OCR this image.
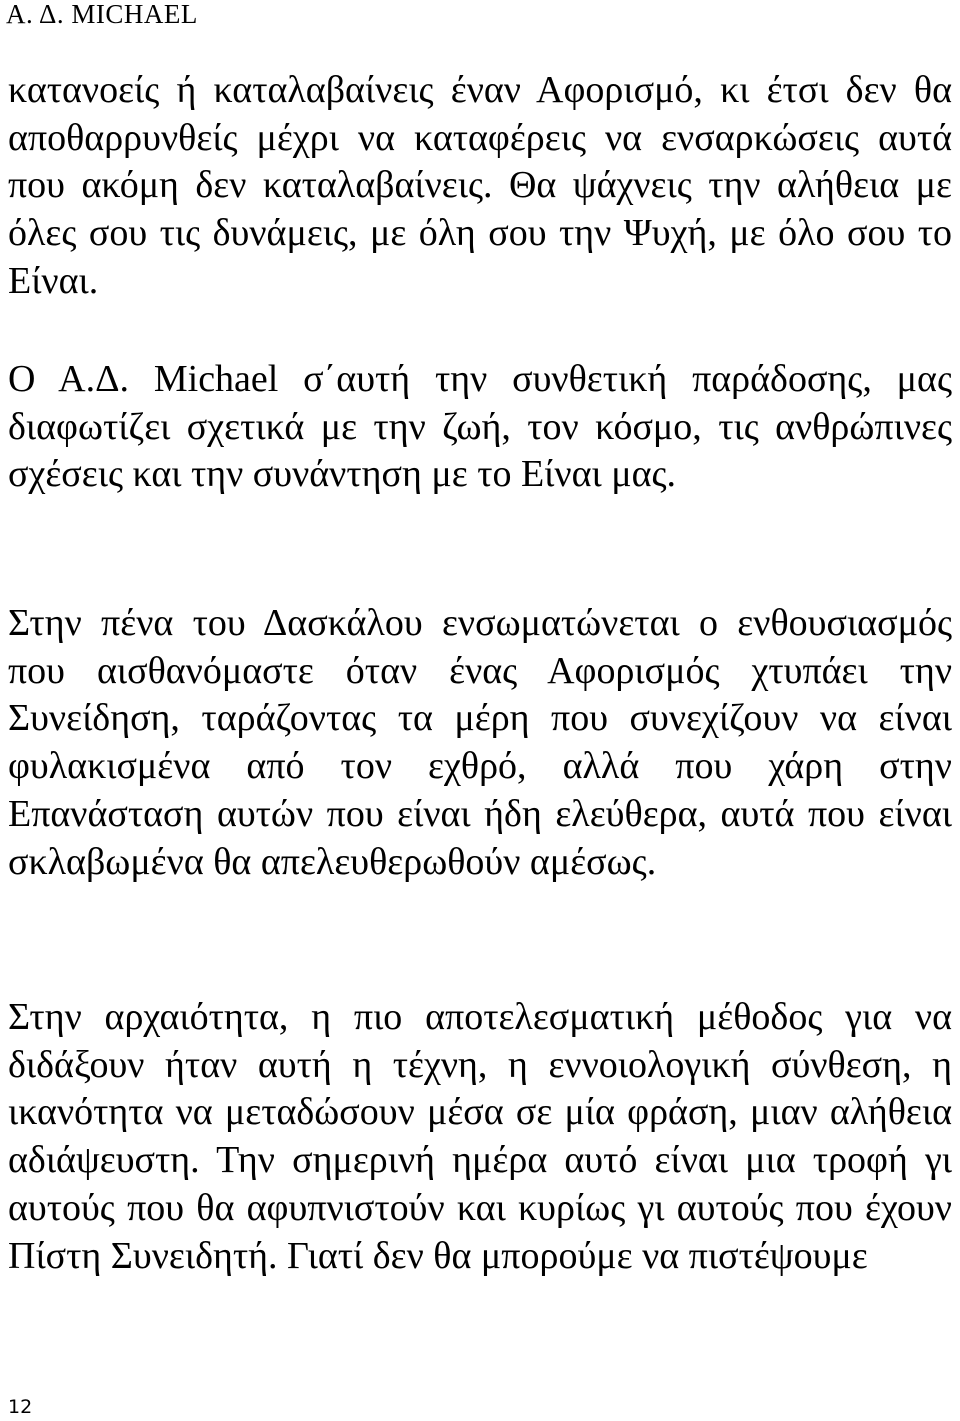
Α. Δ. MICHAEL

κατανοείς ή καταλαβαίνεις έναν Αφορισμό, κι έτσι δεν θα αποθαρρυνθείς μέχρι να καταφέρεις να ενσαρκώσεις αυτά που ακόμη δεν καταλαβαίνεις. Θα ψάχνεις την αλήθεια με όλες σου τις δυνάμεις, με όλη σου την Ψυχή, με όλο σου το Είναι.

Ο Α.Δ. Michael σ΄αυτή την συνθετική παράδοσης, μας διαφωτίζει σχετικά με την ζωή, τον κόσμο, τις ανθρώπινες σχέσεις και την συνάντηση με το Είναι μας.

Στην πένα του Δασκάλου ενσωματώνεται ο ενθουσιασμός που αισθανόμαστε όταν ένας Αφορισμός χτυπάει την Συνείδηση, ταράζοντας τα μέρη που συνεχίζουν να είναι φυλακισμένα από τον εχθρό, αλλά που χάρη στην Επανάσταση αυτών που είναι ήδη ελεύθερα, αυτά που είναι σκλαβωμένα θα απελευθερωθούν αμέσως.

Στην αρχαιότητα, η πιο αποτελεσματική μέθοδος για να διδάξουν ήταν αυτή η τέχνη, η εννοιολογική σύνθεση, η ικανότητα να μεταδώσουν μέσα σε μία φράση, μιαν αλήθεια αδιάψευστη. Την σημερινή ημέρα αυτό είναι μια τροφή γι αυτούς που θα αφυπνιστούν και κυρίως γι αυτούς που έχουν Πίστη Συνειδητή. Γιατί δεν θα μπορούμε να πιστέψουμε

12
